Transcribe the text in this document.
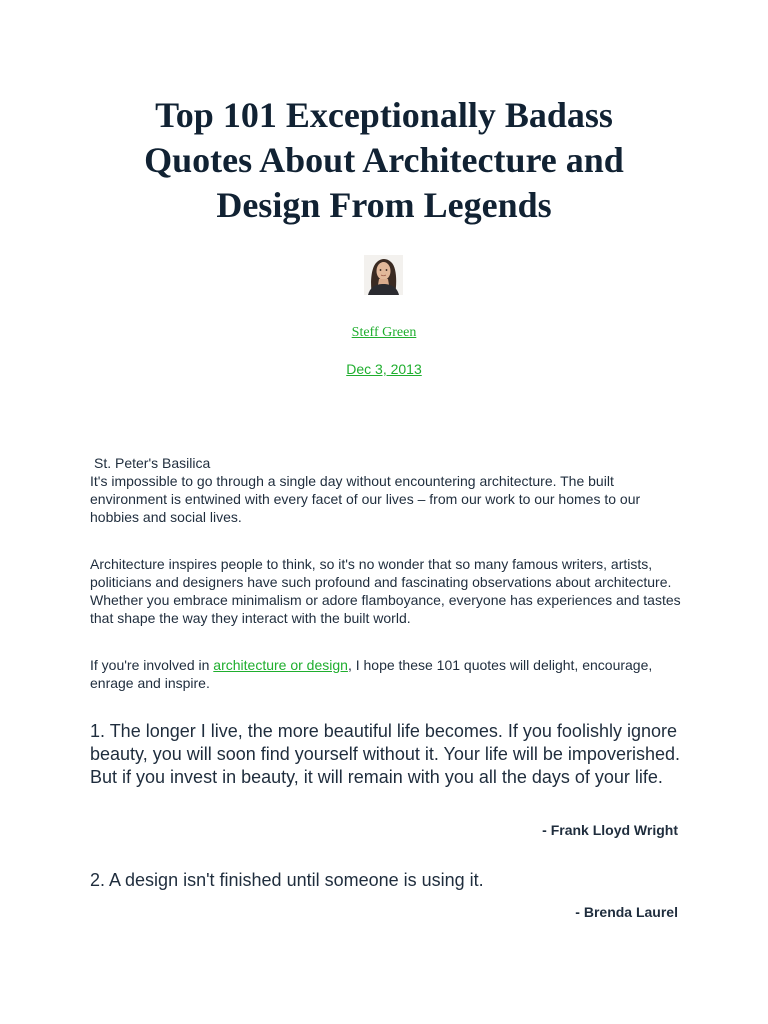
Top 101 Exceptionally Badass Quotes About Architecture and Design From Legends
Steff Green
Dec 3, 2013
St. Peter's Basilica

It's impossible to go through a single day without encountering architecture. The built environment is entwined with every facet of our lives – from our work to our homes to our hobbies and social lives.

Architecture inspires people to think, so it's no wonder that so many famous writers, artists, politicians and designers have such profound and fascinating observations about architecture. Whether you embrace minimalism or adore flamboyance, everyone has experiences and tastes that shape the way they interact with the built world.

If you're involved in architecture or design, I hope these 101 quotes will delight, encourage, enrage and inspire.

1. The longer I live, the more beautiful life becomes. If you foolishly ignore beauty, you will soon find yourself without it. Your life will be impoverished. But if you invest in beauty, it will remain with you all the days of your life.

- Frank Lloyd Wright

2. A design isn't finished until someone is using it.

- Brenda Laurel
